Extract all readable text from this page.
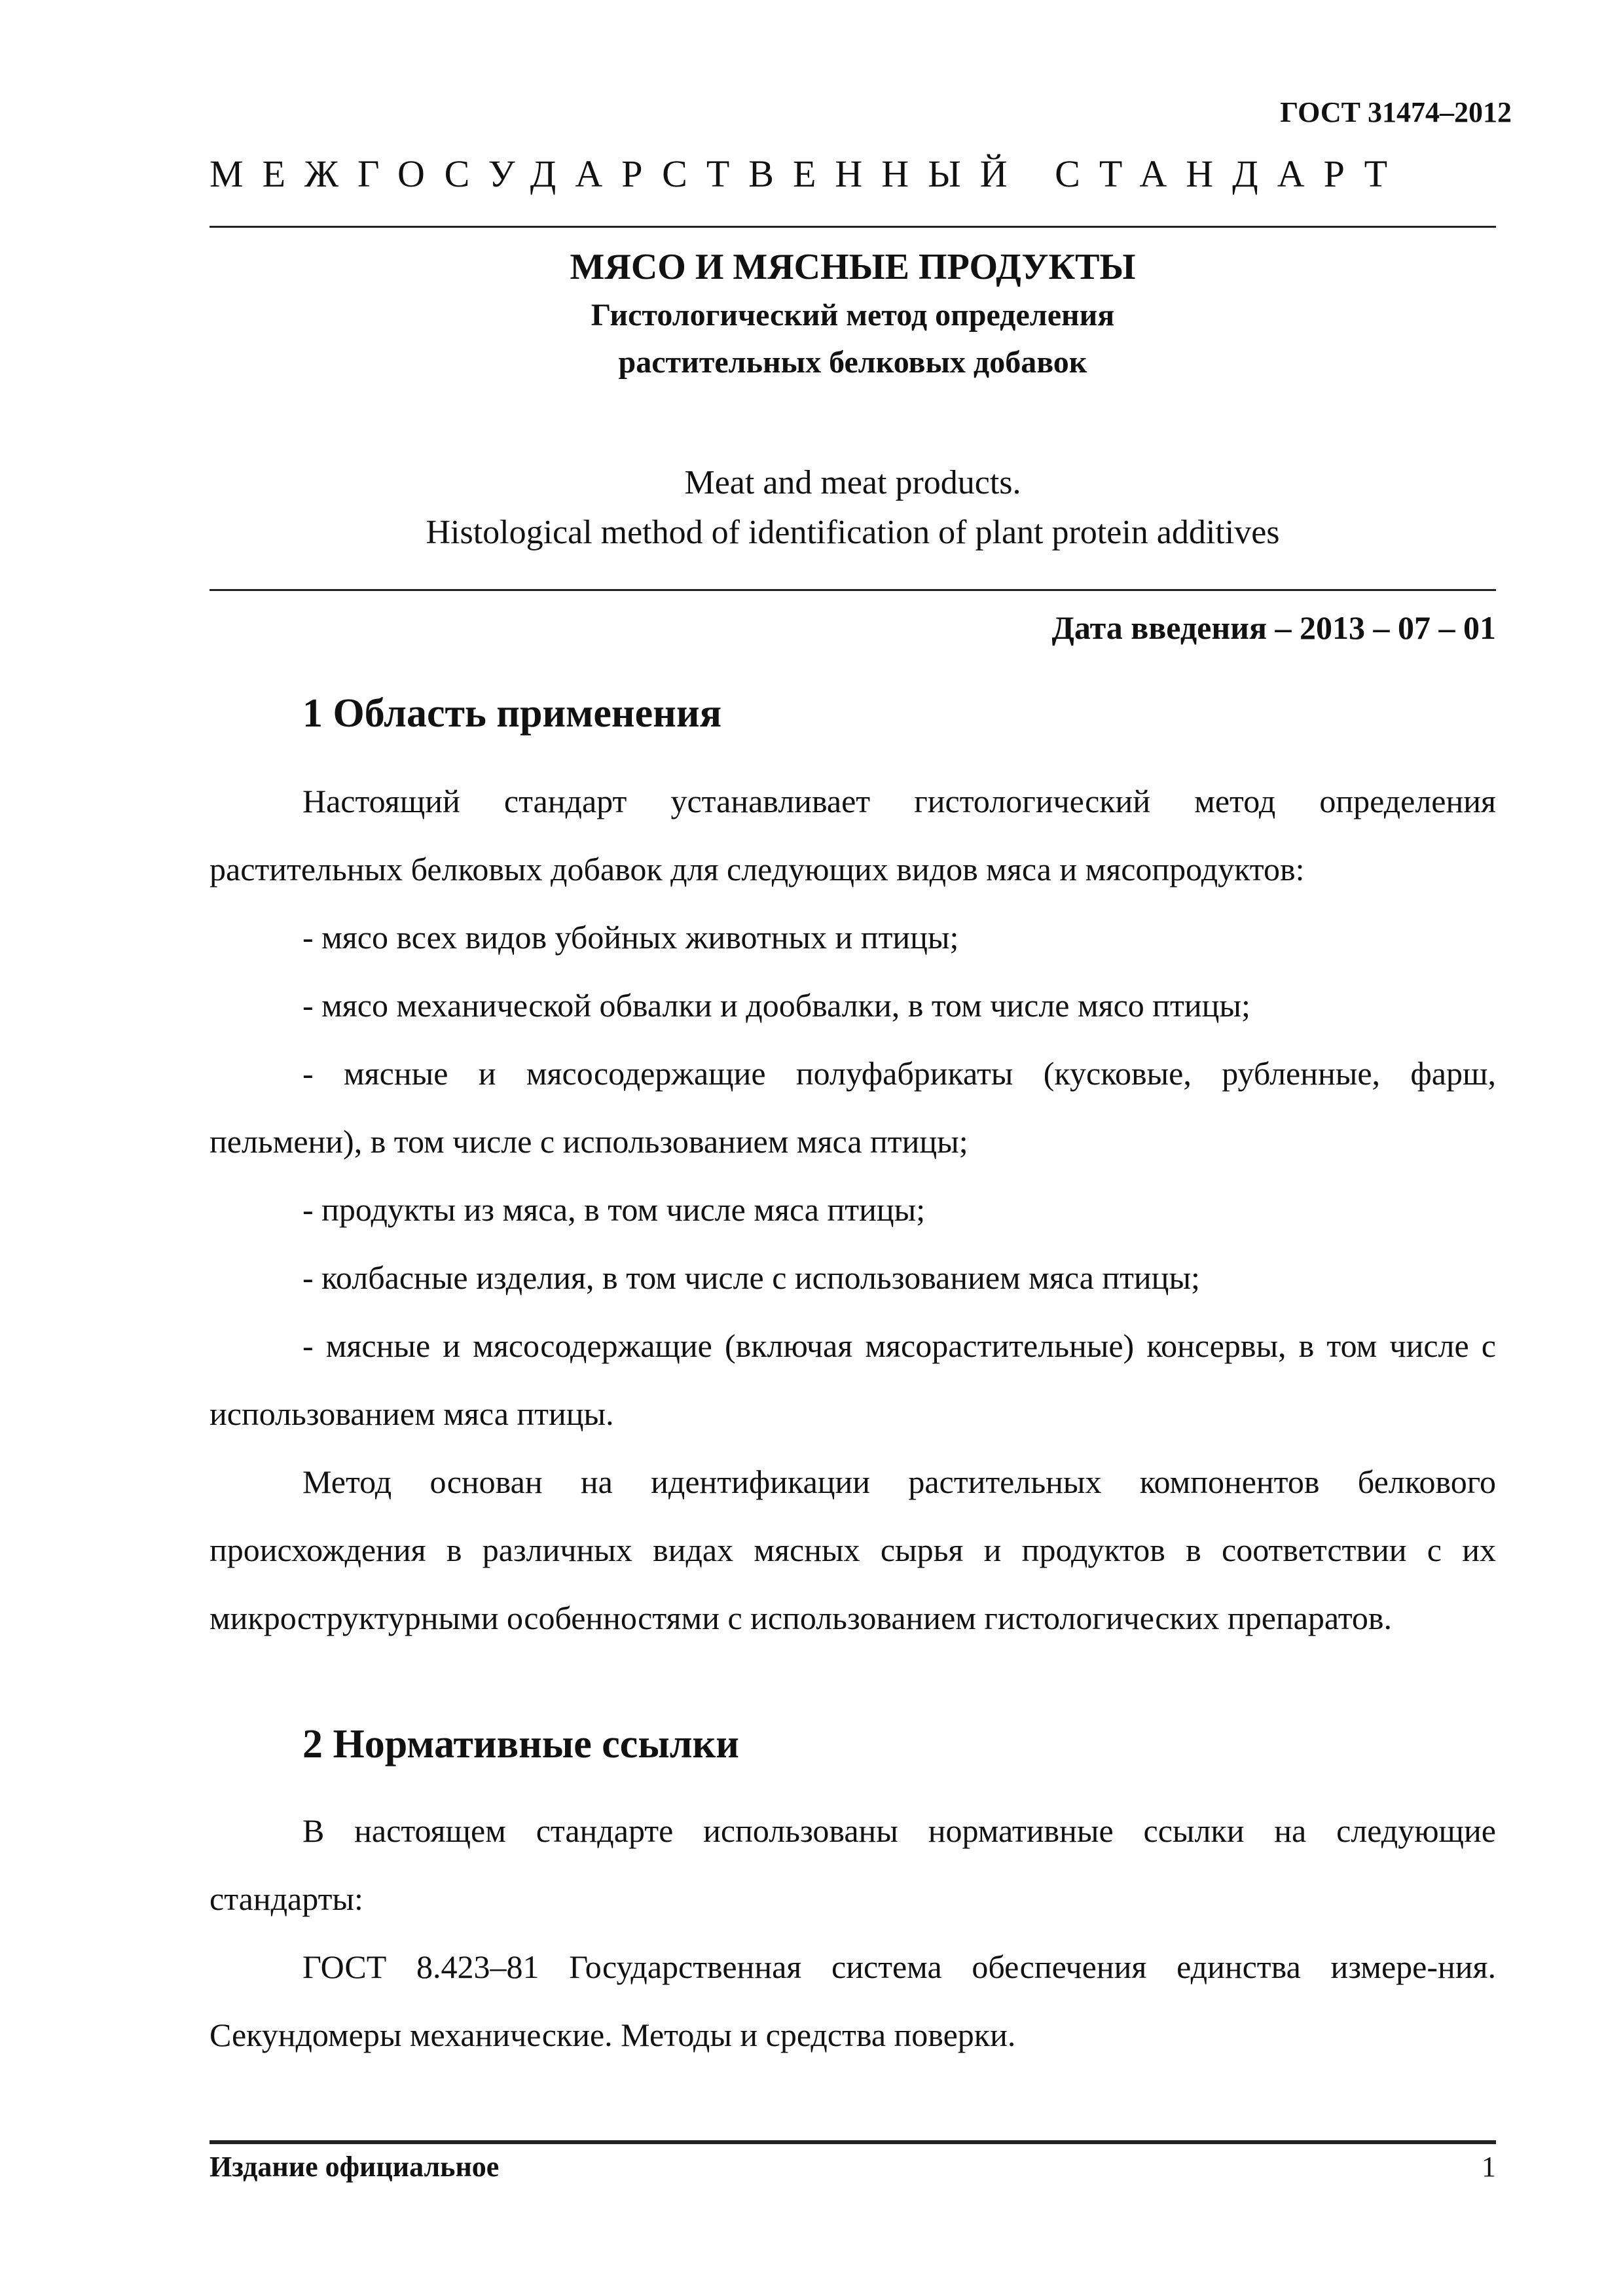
ГОСТ 31474–2012
МЕЖГОСУДАРСТВЕННЫЙ СТАНДАРТ
МЯСО И МЯСНЫЕ ПРОДУКТЫ
Гистологический метод определения
растительных белковых добавок
Meat and meat products.
Histological method of identification of plant protein additives
Дата введения – 2013 – 07 – 01
1 Область применения

Настоящий стандарт устанавливает гистологический метод определения растительных белковых добавок для следующих видов мяса и мясопродуктов:

- мясо всех видов убойных животных и птицы;

- мясо механической обвалки и дообвалки, в том числе мясо птицы;

- мясные и мясосодержащие полуфабрикаты (кусковые, рубленные, фарш, пельмени), в том числе с использованием мяса птицы;

- продукты из мяса, в том числе мяса птицы;

- колбасные изделия, в том числе с использованием мяса птицы;

- мясные и мясосодержащие (включая мясорастительные) консервы, в том числе с использованием мяса птицы.

Метод основан на идентификации растительных компонентов белкового происхождения в различных видах мясных сырья и продуктов в соответствии с их микроструктурными особенностями с использованием гистологических препаратов.

2 Нормативные ссылки

В настоящем стандарте использованы нормативные ссылки на следующие стандарты:

ГОСТ 8.423–81 Государственная система обеспечения единства измере-ния. Секундомеры механические. Методы и средства поверки.

Издание официальное	1
